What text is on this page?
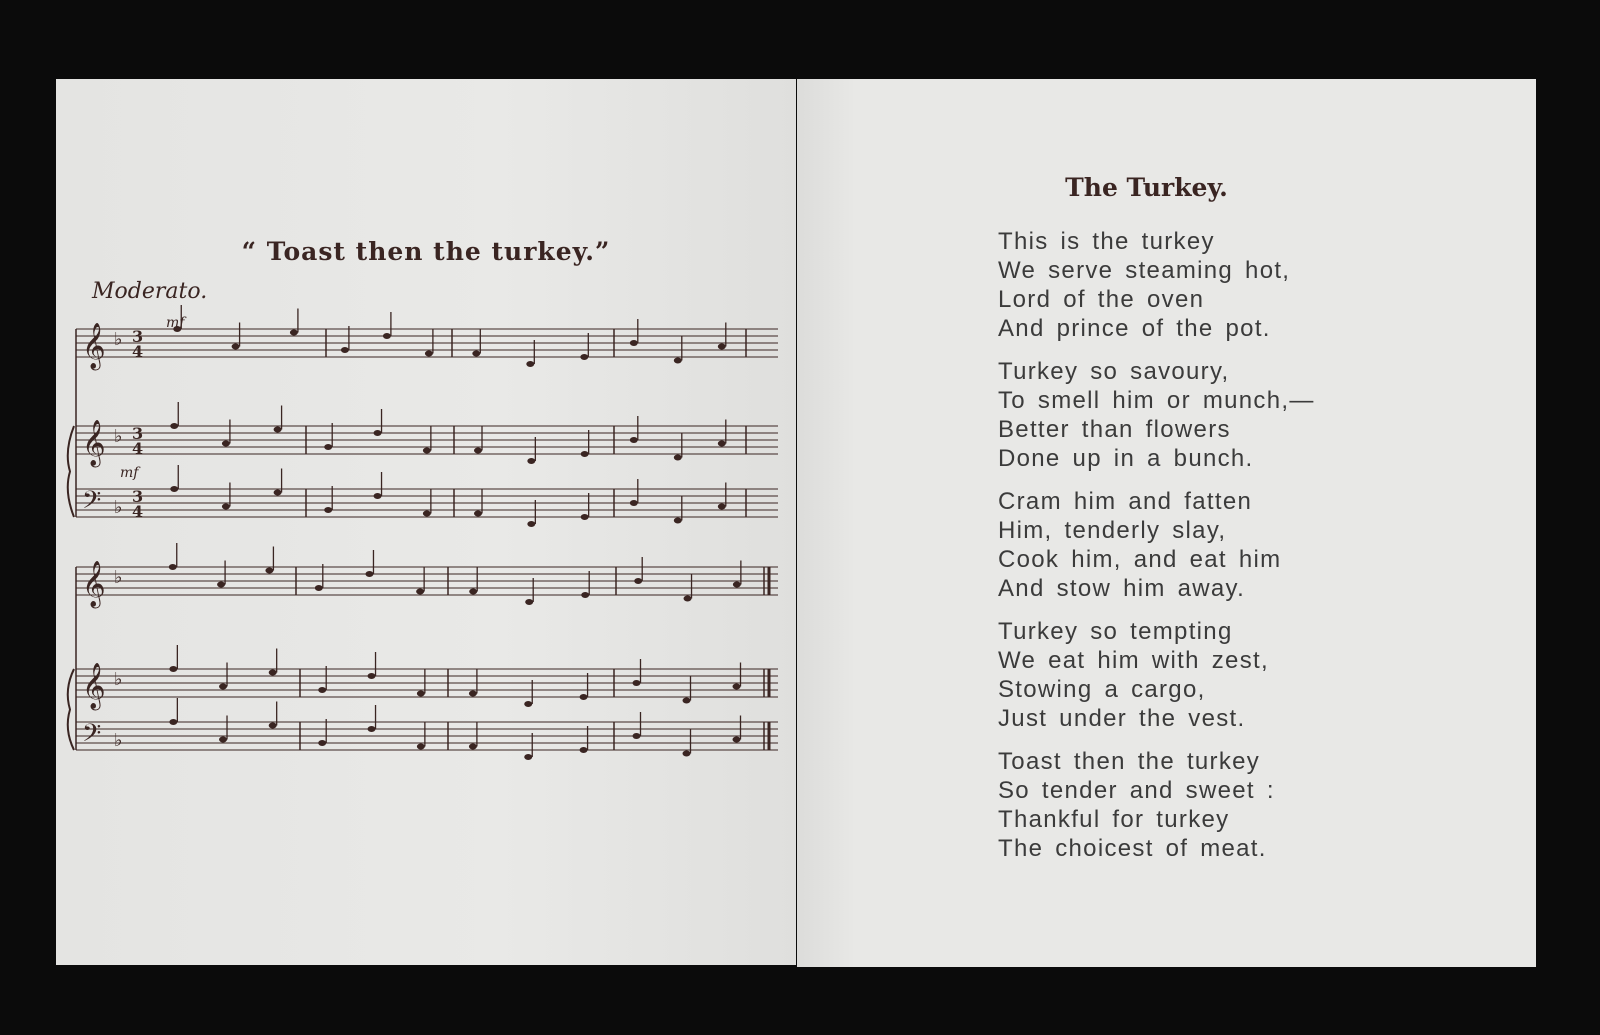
“ Toast then the turkey.”
Moderato.
𝄞 ♭ 3
4
𝄞 ♭ 3
4
𝄢 ♭
3
4
𝄞 ♭
𝄞 ♭
𝄢 ♭
mf
mf
The Turkey.
This is the turkey
We serve steaming hot,
Lord of the oven
And prince of the pot.
Turkey so savoury,
To smell him or munch,—
Better than flowers
Done up in a bunch.
Cram him and fatten
Him, tenderly slay,
Cook him, and eat him
And stow him away.
Turkey so tempting
We eat him with zest,
Stowing a cargo,
Just under the vest.
Toast then the turkey
So tender and sweet :
Thankful for turkey
The choicest of meat.
